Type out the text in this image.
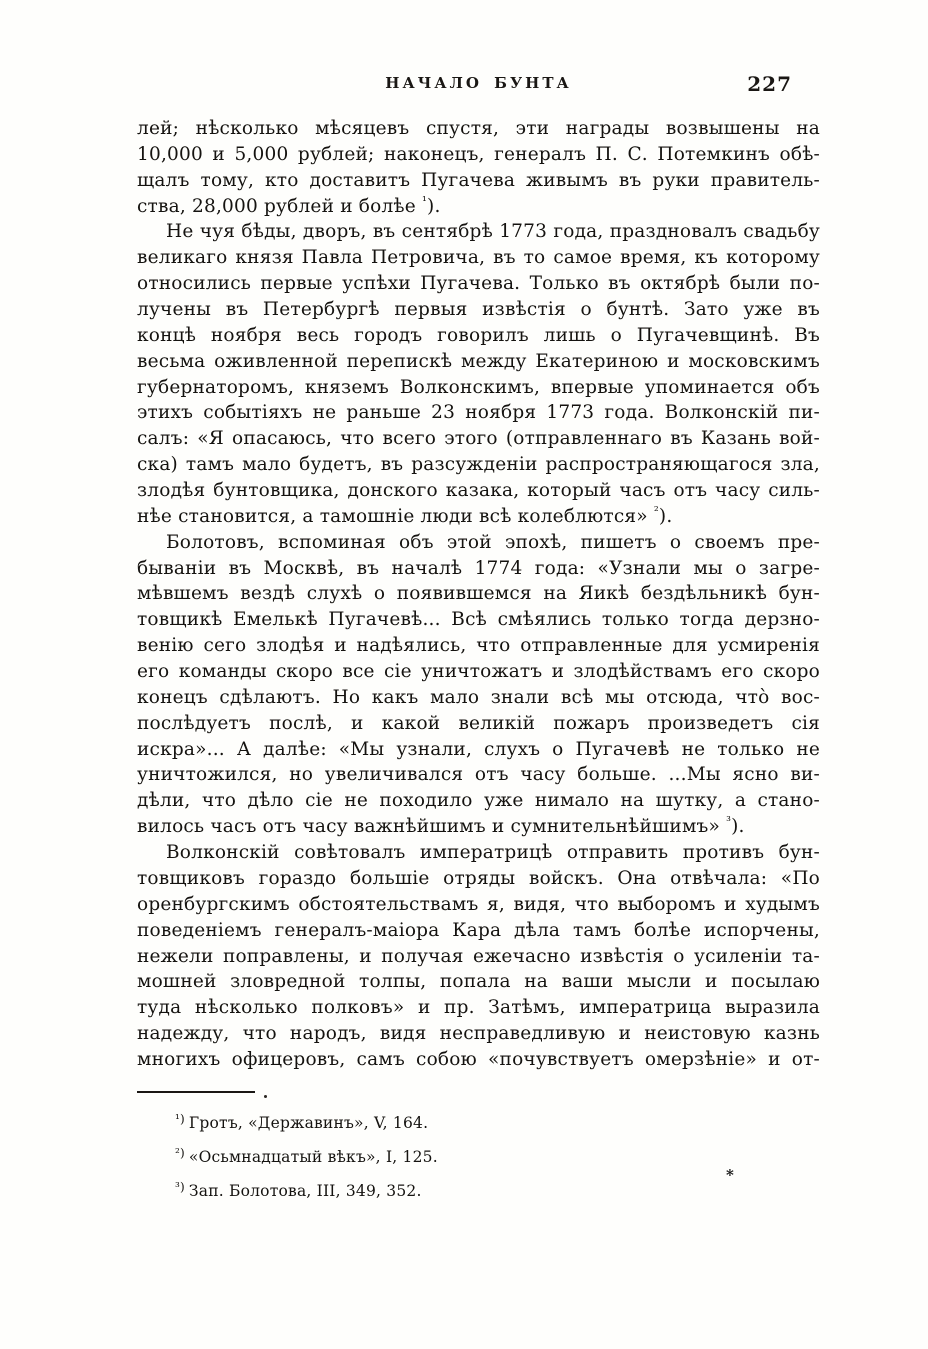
НАЧАЛО БУНТА	227
лей; нѣсколько мѣсяцевъ спустя, эти награды возвышены на
10,000 и 5,000 рублей; наконецъ, генералъ П. С. Потемкинъ обѣ-
щалъ тому, кто доставитъ Пугачева живымъ въ руки правитель-
ства, 28,000 рублей и болѣе $^{^1}$).
Не чуя бѣды, дворъ, въ сентябрѣ 1773 года, праздновалъ свадьбу
великаго князя Павла Петровича, въ то самое время, къ которому
относились первые успѣхи Пугачева. Только въ октябрѣ были по-
лучены въ Петербургѣ первыя извѣстія о бунтѣ. Зато уже въ
концѣ ноября весь городъ говорилъ лишь о Пугачевщинѣ. Въ
весьма оживленной перепискѣ между Екатериною и московскимъ
губернаторомъ, княземъ Волконскимъ, впервые упоминается объ
этихъ событіяхъ не раньше 23 ноября 1773 года. Волконскій пи-
салъ: «Я опасаюсь, что всего этого (отправленнаго въ Казань вой-
ска) тамъ мало будетъ, въ разсужденіи распространяющагося зла,
злодѣя бунтовщика, донского казака, который часъ отъ часу силь-
нѣе становится, а тамошніе люди всѣ колеблются» $^{^2}$).
Болотовъ, вспоминая объ этой эпохѣ, пишетъ о своемъ пре-
бываніи въ Москвѣ, въ началѣ 1774 года: «Узнали мы о загре-
мѣвшемъ вездѣ слухѣ о появившемся на Яикѣ бездѣльникѣ бун-
товщикѣ Емелькѣ Пугачевѣ... Всѣ смѣялись только тогда дерзно-
венію сего злодѣя и надѣялись, что отправленные для усмиренія
его команды скоро все сіе уничтожатъ и злодѣйствамъ его скоро
конецъ сдѣлаютъ. Но какъ мало знали всѣ мы отсюда, что̀ вос-
послѣдуетъ послѣ, и какой великій пожаръ произведетъ сія
искра»... А далѣе: «Мы узнали, слухъ о Пугачевѣ не только не
уничтожился, но увеличивался отъ часу больше. ...Мы ясно ви-
дѣли, что дѣло сіе не походило уже нимало на шутку, а стано-
вилось часъ отъ часу важнѣйшимъ и сумнительнѣйшимъ» $^{^3}$).
Волконскій совѣтовалъ императрицѣ отправить противъ бун-
товщиковъ гораздо большіе отряды войскъ. Она отвѣчала: «По
оренбургскимъ обстоятельствамъ я, видя, что выборомъ и худымъ
поведеніемъ генералъ-маіора Кара дѣла тамъ болѣе испорчены,
нежели поправлены, и получая ежечасно извѣстія о усиленіи та-
мошней зловредной толпы, попала на ваши мысли и посылаю
туда нѣсколько полковъ» и пр. Затѣмъ, императрица выразила
надежду, что народъ, видя несправедливую и неистовую казнь
многихъ офицеровъ, самъ собою «почувствуетъ омерзѣніе» и от-
$^{^1)}$ Гротъ, «Державинъ», V, 164.
$^{^2)}$ «Осьмнадцатый вѣкъ», I, 125.
$^{^3)}$ Зап. Болотова, III, 349, 352.
*
